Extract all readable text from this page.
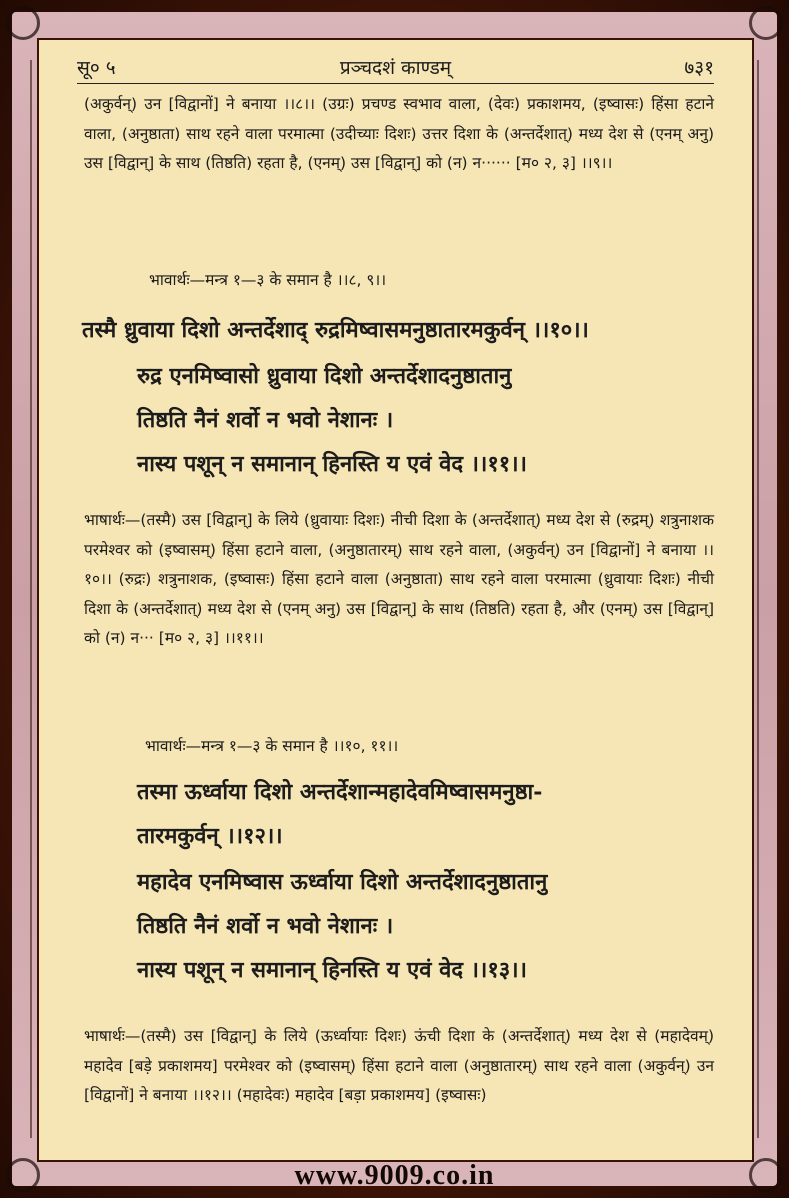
सू० ५	प्रञ्चदशं काण्डम्	७३१
(अकुर्वन्) उन [विद्वानों] ने बनाया ।।८।। (उग्रः) प्रचण्ड स्वभाव वाला, (देवः) प्रकाशमय, (इष्वासः) हिंसा हटाने वाला, (अनुष्ठाता) साथ रहने वाला परमात्मा (उदीच्याः दिशः) उत्तर दिशा के (अन्तर्देशात्) मध्य देश से (एनम् अनु) उस [विद्वान्] के साथ (तिष्ठति) रहता है, (एनम्) उस [विद्वान्] को (न) न······ [म० २, ३] ।।९।।
भावार्थः—मन्त्र १—३ के समान है ।।८, ९।।
तस्मै ध्रुवाया दिशो अन्तर्देशाद् रुद्रमिष्वासमनुष्ठातारमकुर्वन् ।।१०।।
रुद्र एनमिष्वासो ध्रुवाया दिशो अन्तर्देशादनुष्ठातानु
तिष्ठति नैनं शर्वो न भवो नेशानः ।
नास्य पशून् न समानान् हिनस्ति य एवं वेद ।।११।।
भाषार्थः—(तस्मै) उस [विद्वान्] के लिये (ध्रुवायाः दिशः) नीची दिशा के (अन्तर्देशात्) मध्य देश से (रुद्रम्) शत्रुनाशक परमेश्वर को (इष्वासम्) हिंसा हटाने वाला, (अनुष्ठातारम्) साथ रहने वाला, (अकुर्वन्) उन [विद्वानों] ने बनाया ।।१०।। (रुद्रः) शत्रुनाशक, (इष्वासः) हिंसा हटाने वाला (अनुष्ठाता) साथ रहने वाला परमात्मा (ध्रुवायाः दिशः) नीची दिशा के (अन्तर्देशात्) मध्य देश से (एनम् अनु) उस [विद्वान्] के साथ (तिष्ठति) रहता है, और (एनम्) उस [विद्वान्] को (न) न··· [म० २, ३] ।।११।।
भावार्थः—मन्त्र १—३ के समान है ।।१०, ११।।
तस्मा ऊर्ध्वाया दिशो अन्तर्देशान्महादेवमिष्वासमनुष्ठा-
तारमकुर्वन् ।।१२।।
महादेव एनमिष्वास ऊर्ध्वाया दिशो अन्तर्देशादनुष्ठातानु
तिष्ठति नैनं शर्वो न भवो नेशानः ।
नास्य पशून् न समानान् हिनस्ति य एवं वेद ।।१३।।
भाषार्थः—(तस्मै) उस [विद्वान्] के लिये (ऊर्ध्वायाः दिशः) ऊंची दिशा के (अन्तर्देशात्) मध्य देश से (महादेवम्) महादेव [बड़े प्रकाशमय] परमेश्वर को (इष्वासम्) हिंसा हटाने वाला (अनुष्ठातारम्) साथ रहने वाला (अकुर्वन्) उन [विद्वानों] ने बनाया ।।१२।। (महादेवः) महादेव [बड़ा प्रकाशमय] (इष्वासः)
www.9009.co.in
